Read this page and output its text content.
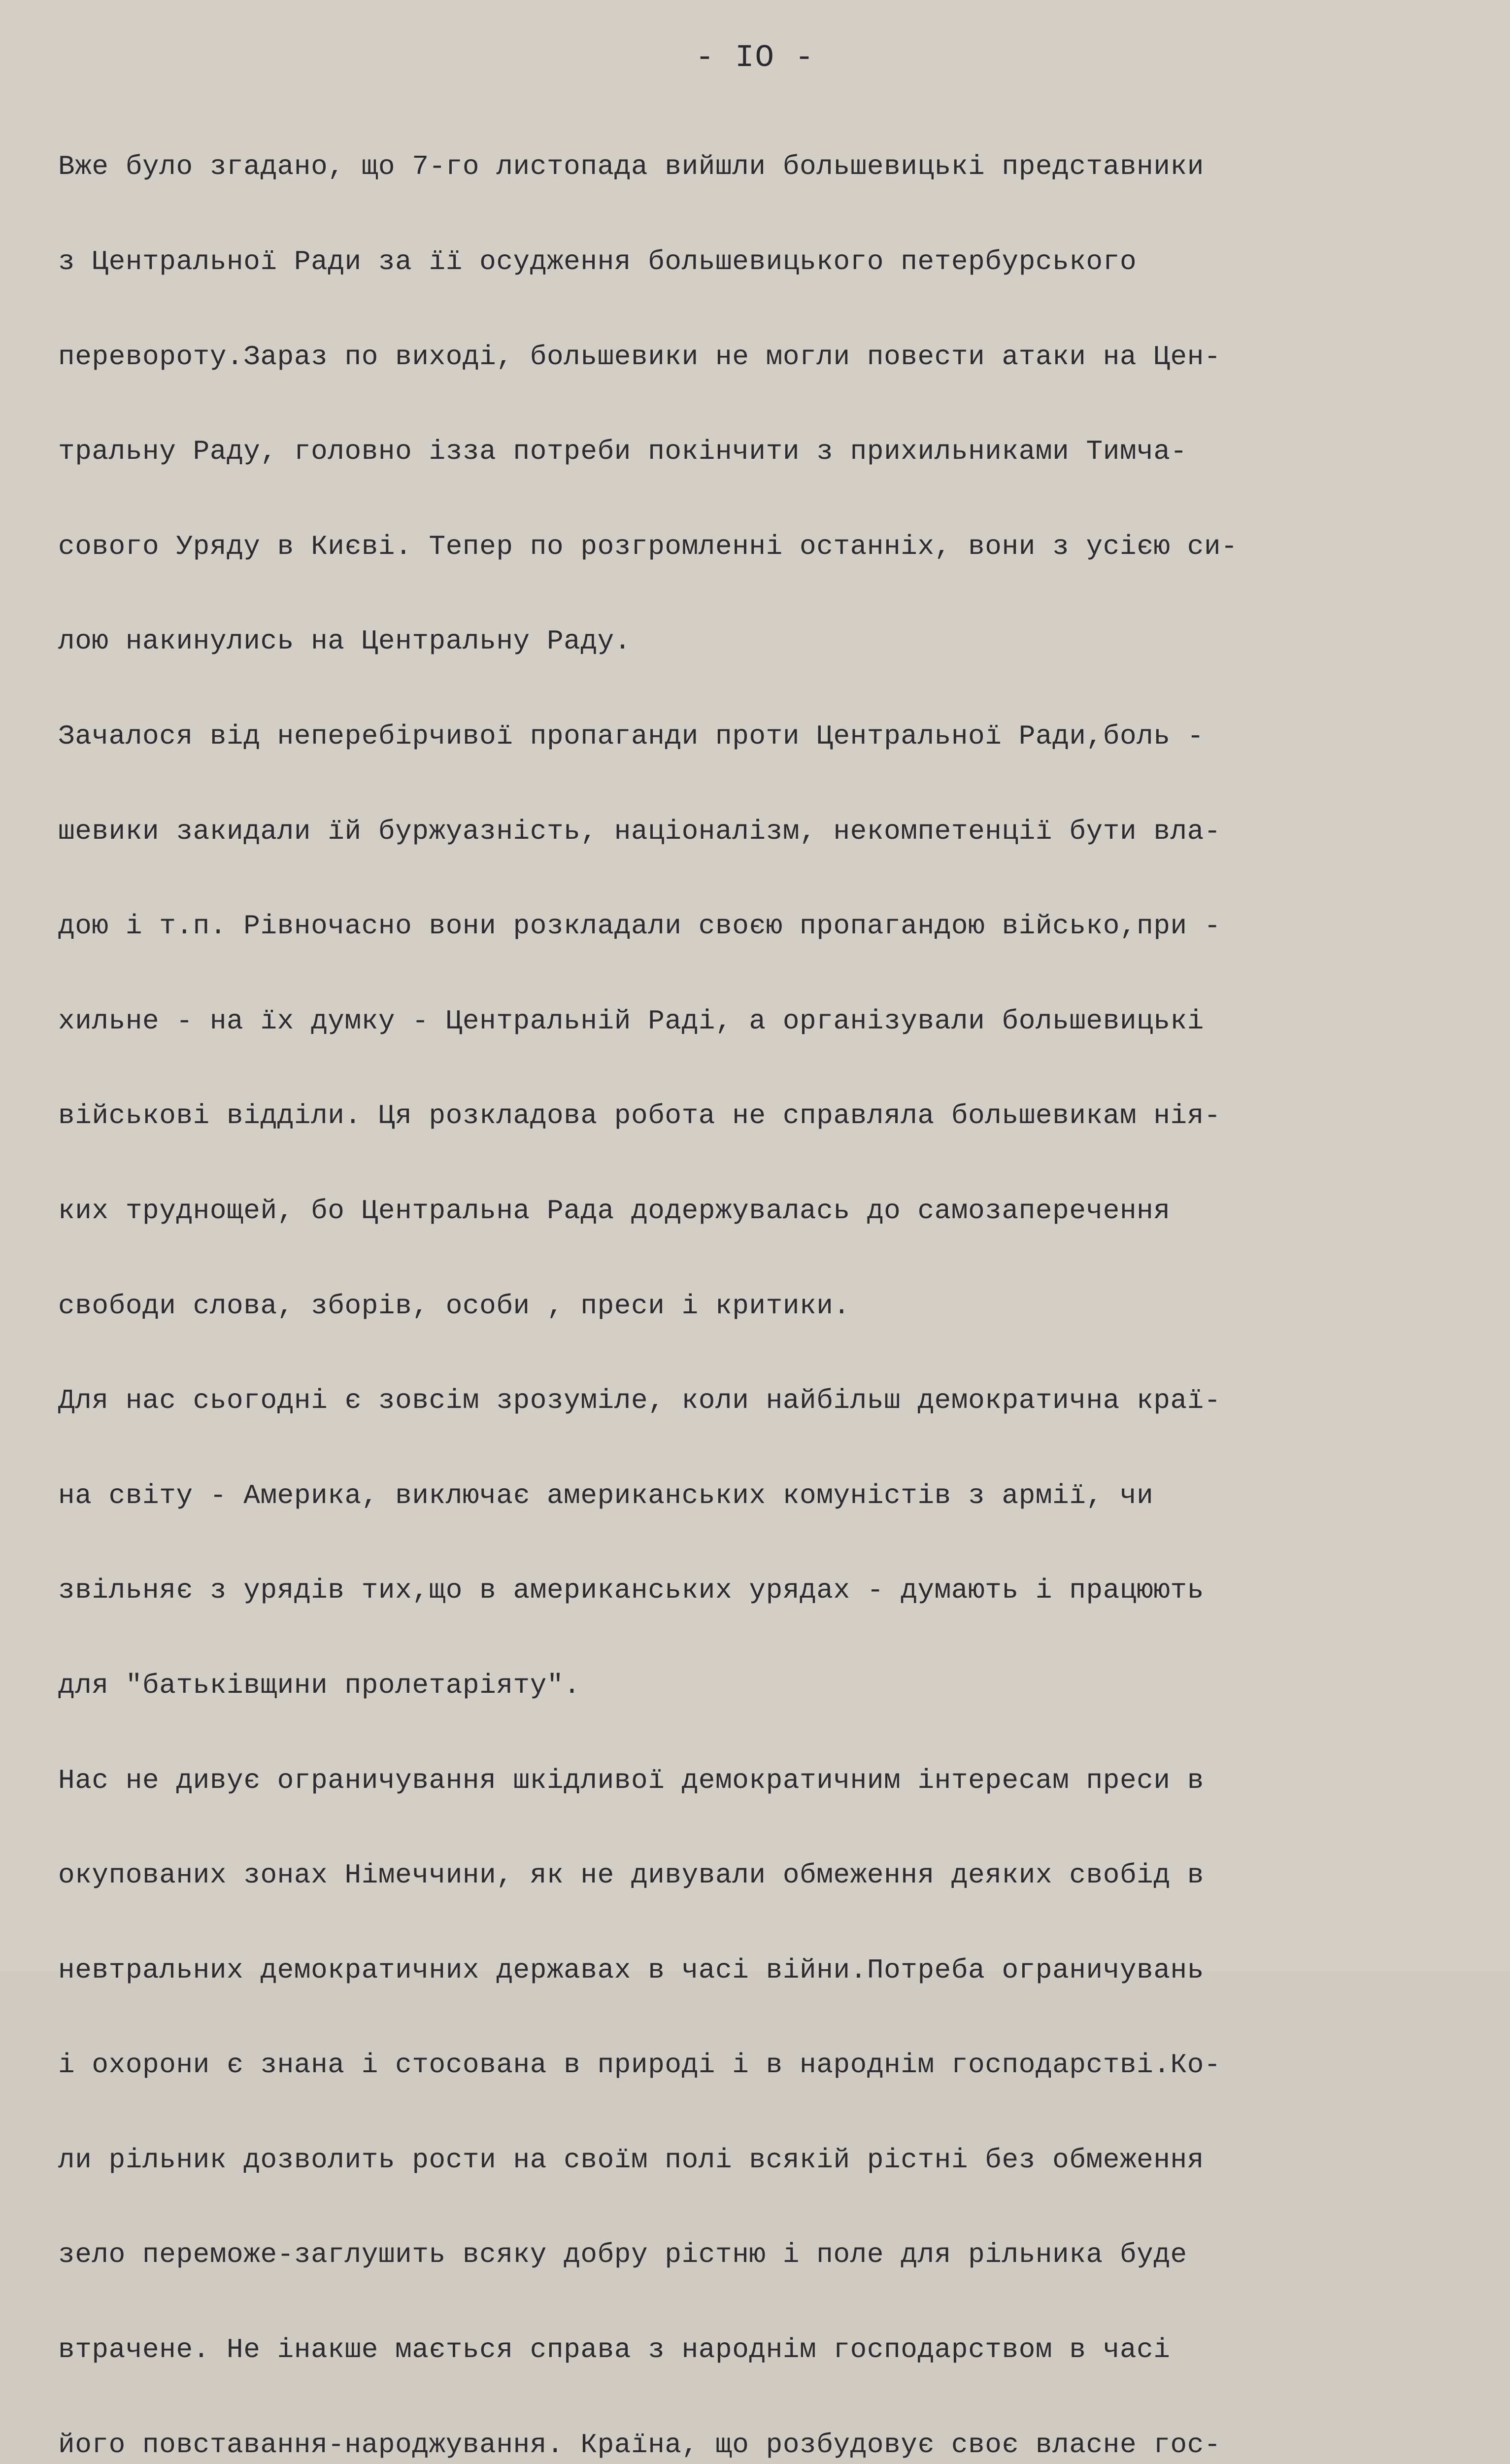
- IO -

Вже було згадано, що 7-го листопада вийшли большевицькі представники

з Центральної Ради за її осудження большевицького петербурського

перевороту.Зараз по виході, большевики не могли повести атаки на Цен-

тральну Раду, головно ізза потреби покінчити з прихильниками Тимча-

сового Уряду в Києві. Тепер по розгромленні останніх, вони з усією си-

лою накинулись на Центральну Раду.

Зачалося від неперебірчивої пропаганди проти Центральної Ради,боль -

шевики закидали їй буржуазність, націоналізм, некомпетенції бути вла-

дою і т.п. Рівночасно вони розкладали своєю пропагандою військо,при -

хильне - на їх думку - Центральній Раді, а організували большевицькі

військові відділи. Ця розкладова робота не справляла большевикам нія-

ких труднощей, бо Центральна Рада додержувалась до самозаперечення

свободи слова, зборів, особи , преси і критики.

Для нас сьогодні є зовсім зрозуміле, коли найбільш демократична краї-

на світу - Америка, виключає американських комуністів з армії, чи

звільняє з урядів тих,що в американських урядах - думають і працюють

для "батьківщини пролетаріяту".

Нас не дивує ограничування шкідливої демократичним інтересам преси в

окупованих зонах Німеччини, як не дивували обмеження деяких свобід в

невтральних демократичних державах в часі війни.Потреба ограничувань

і охорони є знана і стосована в природі і в народнім господарстві.Ко-

ли рільник дозволить рости на своїм полі всякій рістні без обмеження

зело переможе-заглушить всяку добру рістню і поле для рільника буде

втрачене. Не інакше мається справа з народнім господарством в часі

його повставання-народжування. Країна, що розбудовує своє власне гос-
